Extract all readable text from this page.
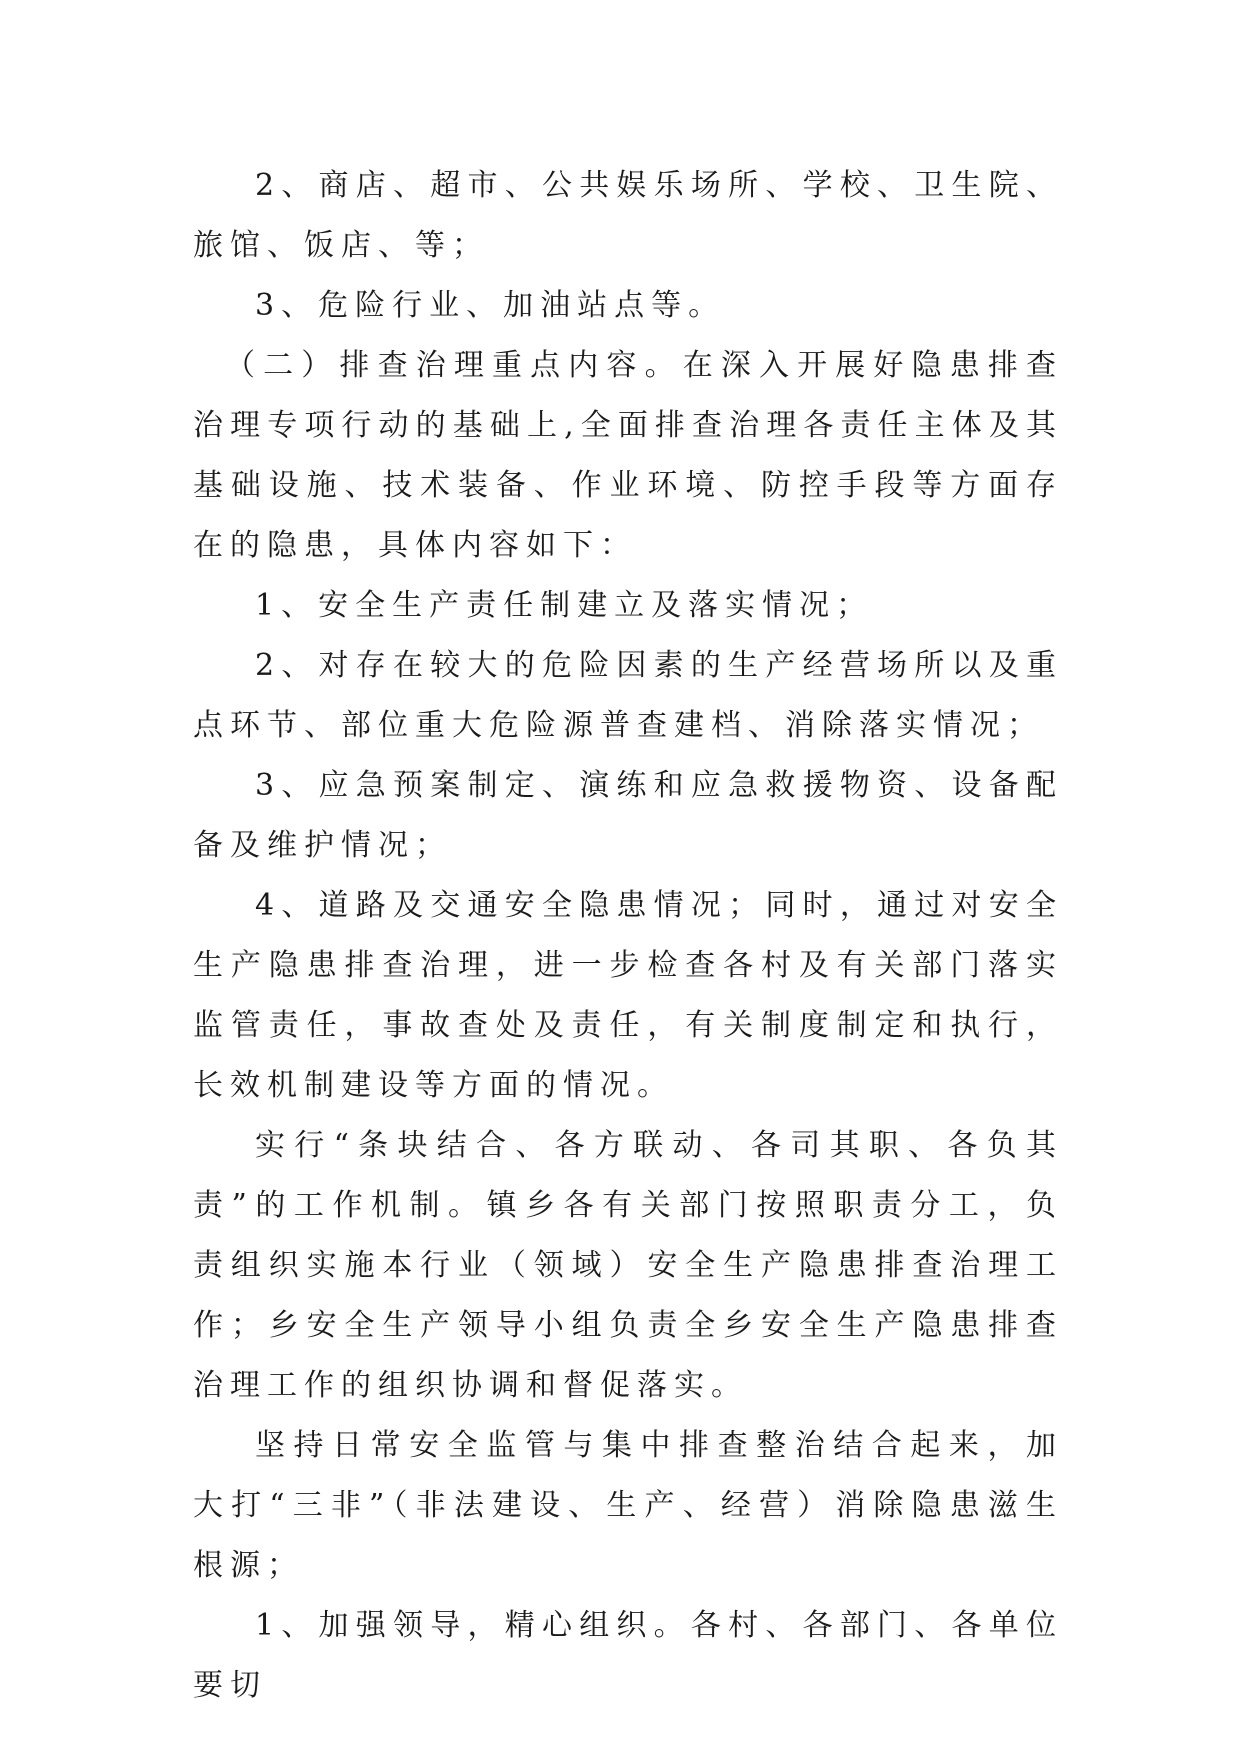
2、商店、超市、公共娱乐场所、学校、卫生院、旅馆、饭店、等；

3、危险行业、加油站点等。

（二）排查治理重点内容。在深入开展好隐患排查治理专项行动的基础上,全面排查治理各责任主体及其基础设施、技术装备、作业环境、防控手段等方面存在的隐患，具体内容如下：

1、安全生产责任制建立及落实情况；

2、对存在较大的危险因素的生产经营场所以及重点环节、部位重大危险源普查建档、消除落实情况；

3、应急预案制定、演练和应急救援物资、设备配备及维护情况；

4、道路及交通安全隐患情况；同时，通过对安全生产隐患排查治理，进一步检查各村及有关部门落实监管责任，事故查处及责任，有关制度制定和执行，长效机制建设等方面的情况。

实行“条块结合、各方联动、各司其职、各负其责”的工作机制。镇乡各有关部门按照职责分工，负责组织实施本行业（领域）安全生产隐患排查治理工作；乡安全生产领导小组负责全乡安全生产隐患排查治理工作的组织协调和督促落实。

坚持日常安全监管与集中排查整治结合起来，加大打“三非”（非法建设、生产、经营）消除隐患滋生根源；

1、加强领导，精心组织。各村、各部门、各单位要切
